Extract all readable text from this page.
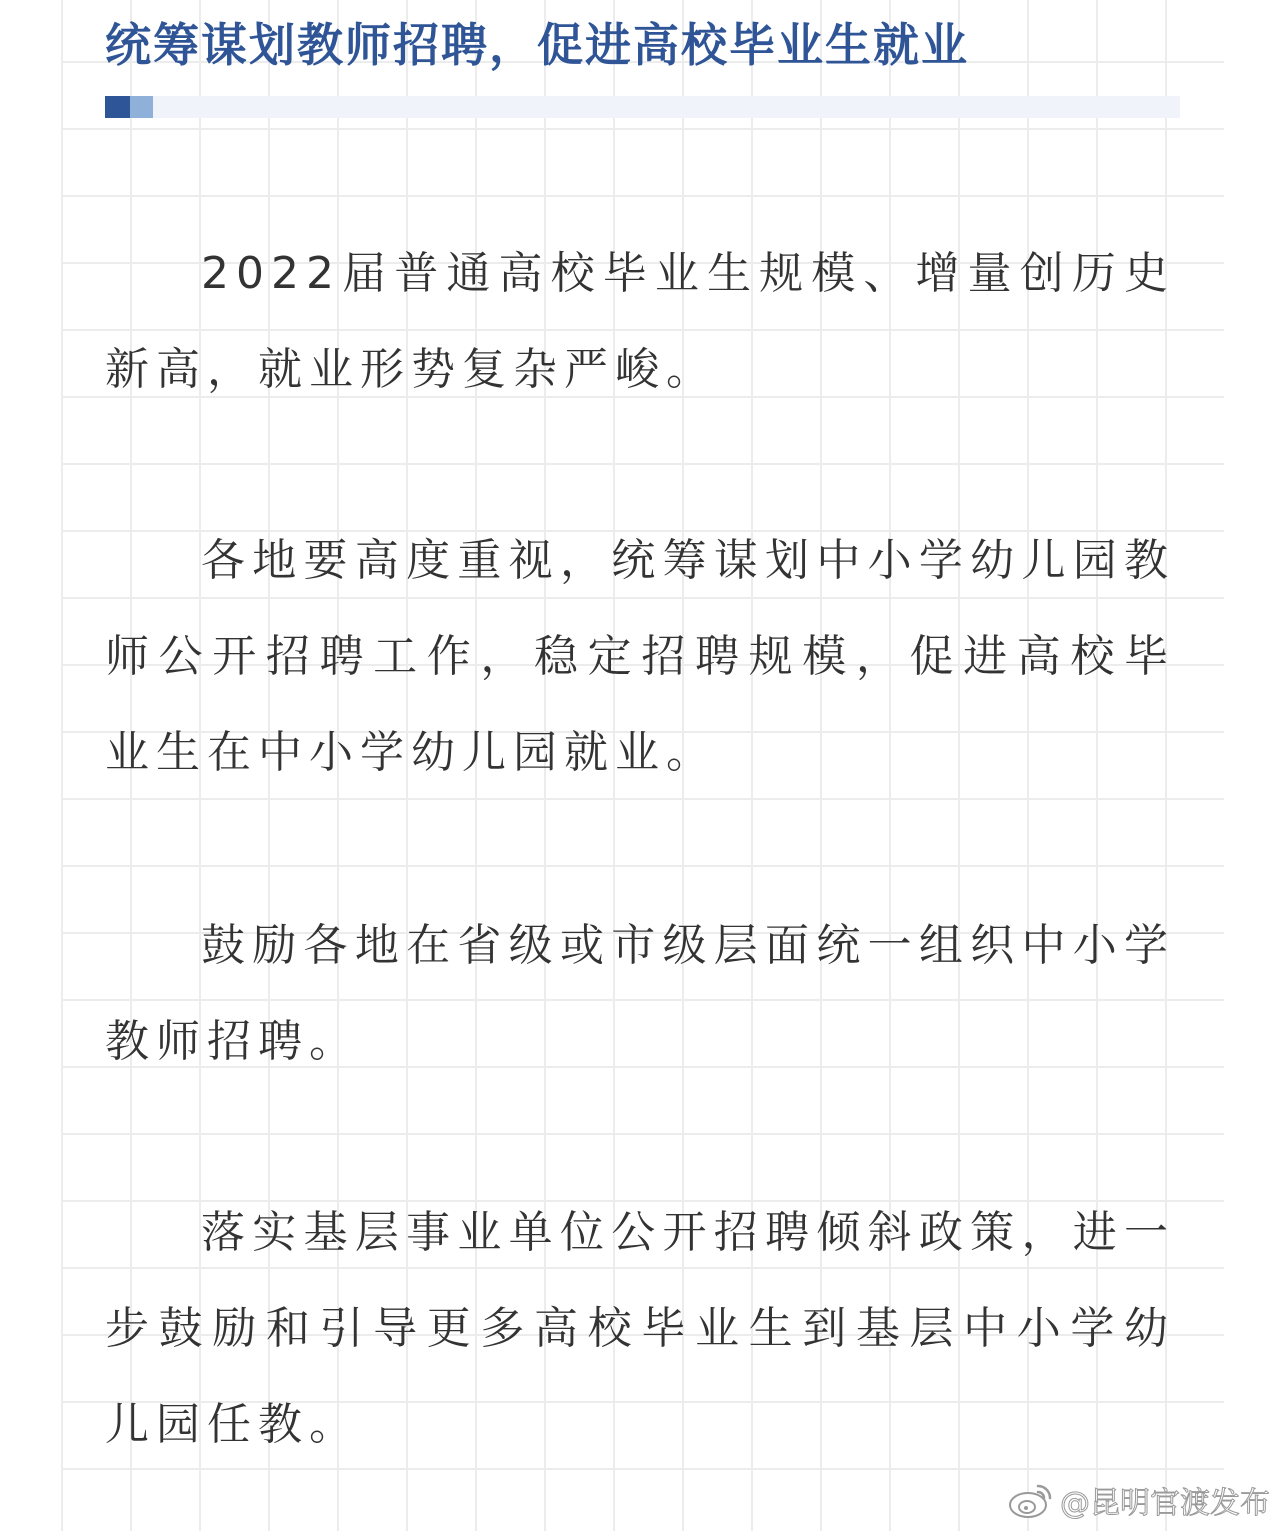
统筹谋划教师招聘，促进高校毕业生就业

2022届普通高校毕业生规模、增量创历史新高，就业形势复杂严峻。

各地要高度重视，统筹谋划中小学幼儿园教师公开招聘工作，稳定招聘规模，促进高校毕业生在中小学幼儿园就业。

鼓励各地在省级或市级层面统一组织中小学教师招聘。

落实基层事业单位公开招聘倾斜政策，进一步鼓励和引导更多高校毕业生到基层中小学幼儿园任教。

@昆明官渡发布
